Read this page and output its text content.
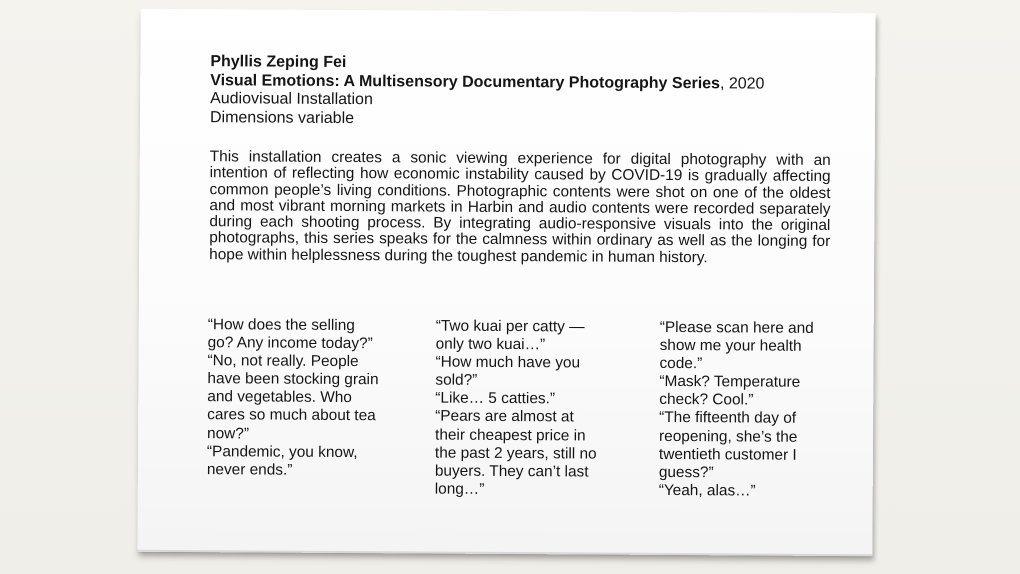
Phyllis Zeping Fei
Visual Emotions: A Multisensory Documentary Photography Series, 2020
Audiovisual Installation
Dimensions variable

This installation creates a sonic viewing experience for digital photography with an intention of reflecting how economic instability caused by COVID-19 is gradually affecting common people’s living conditions. Photographic contents were shot on one of the oldest and most vibrant morning markets in Harbin and audio contents were recorded separately during each shooting process. By integrating audio-responsive visuals into the original photographs, this series speaks for the calmness within ordinary as well as the longing for hope within helplessness during the toughest pandemic in human history.

“How does the selling go? Any income today?”
“No, not really. People have been stocking grain and vegetables. Who cares so much about tea now?”
“Pandemic, you know, never ends.”
“Two kuai per catty — only two kuai…”
“How much have you sold?”
“Like… 5 catties.”
“Pears are almost at their cheapest price in the past 2 years, still no buyers. They can’t last long…”
“Please scan here and show me your health code.”
“Mask? Temperature check? Cool.”
“The fifteenth day of reopening, she’s the twentieth customer I guess?”
“Yeah, alas…”
